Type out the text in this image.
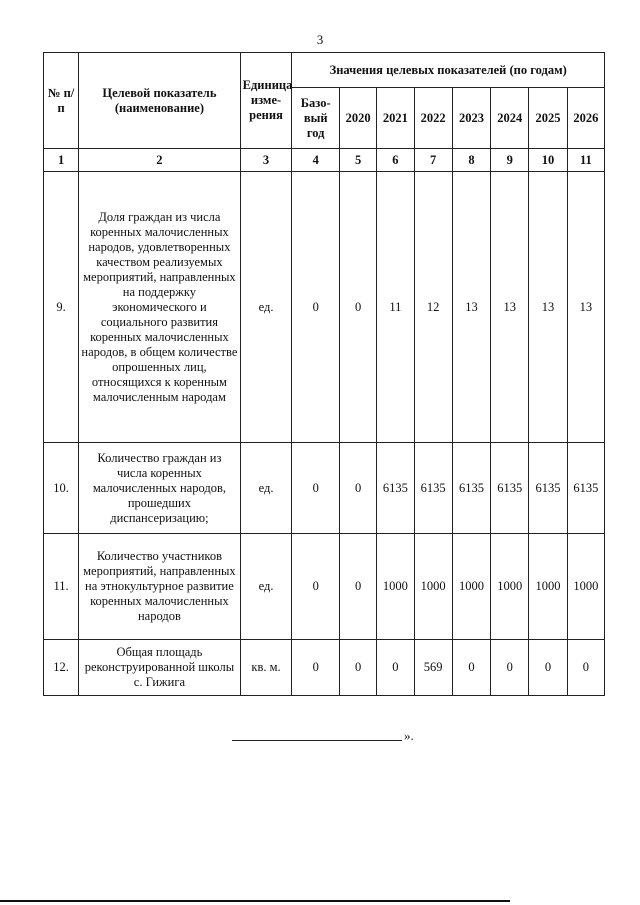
3
№ п/п	Целевой показатель (наименование)	Единица изме-рения	Значения целевых показателей (по годам)							
			Базо-вый год	2020	2021	2022	2023	2024	2025	2026
1	2	3	4	5	6	7	8	9	10	11
9.	Доля граждан из числа коренных малочисленных народов, удовлетворенных качеством реализуемых мероприятий, направленных на поддержку экономического и социального развития коренных малочисленных народов, в общем количестве опрошенных лиц, относящихся к коренным малочисленным народам	ед.	0	0	11	12	13	13	13	13
10.	Количество граждан из числа коренных малочисленных народов, прошедших диспансеризацию;	ед.	0	0	6135	6135	6135	6135	6135	6135
11.	Количество участников мероприятий, направленных на этнокультурное развитие коренных малочисленных народов	ед.	0	0	1000	1000	1000	1000	1000	1000
12.	Общая площадь реконструированной школы с. Гижига	кв. м.	0	0	0	569	0	0	0	0
».
